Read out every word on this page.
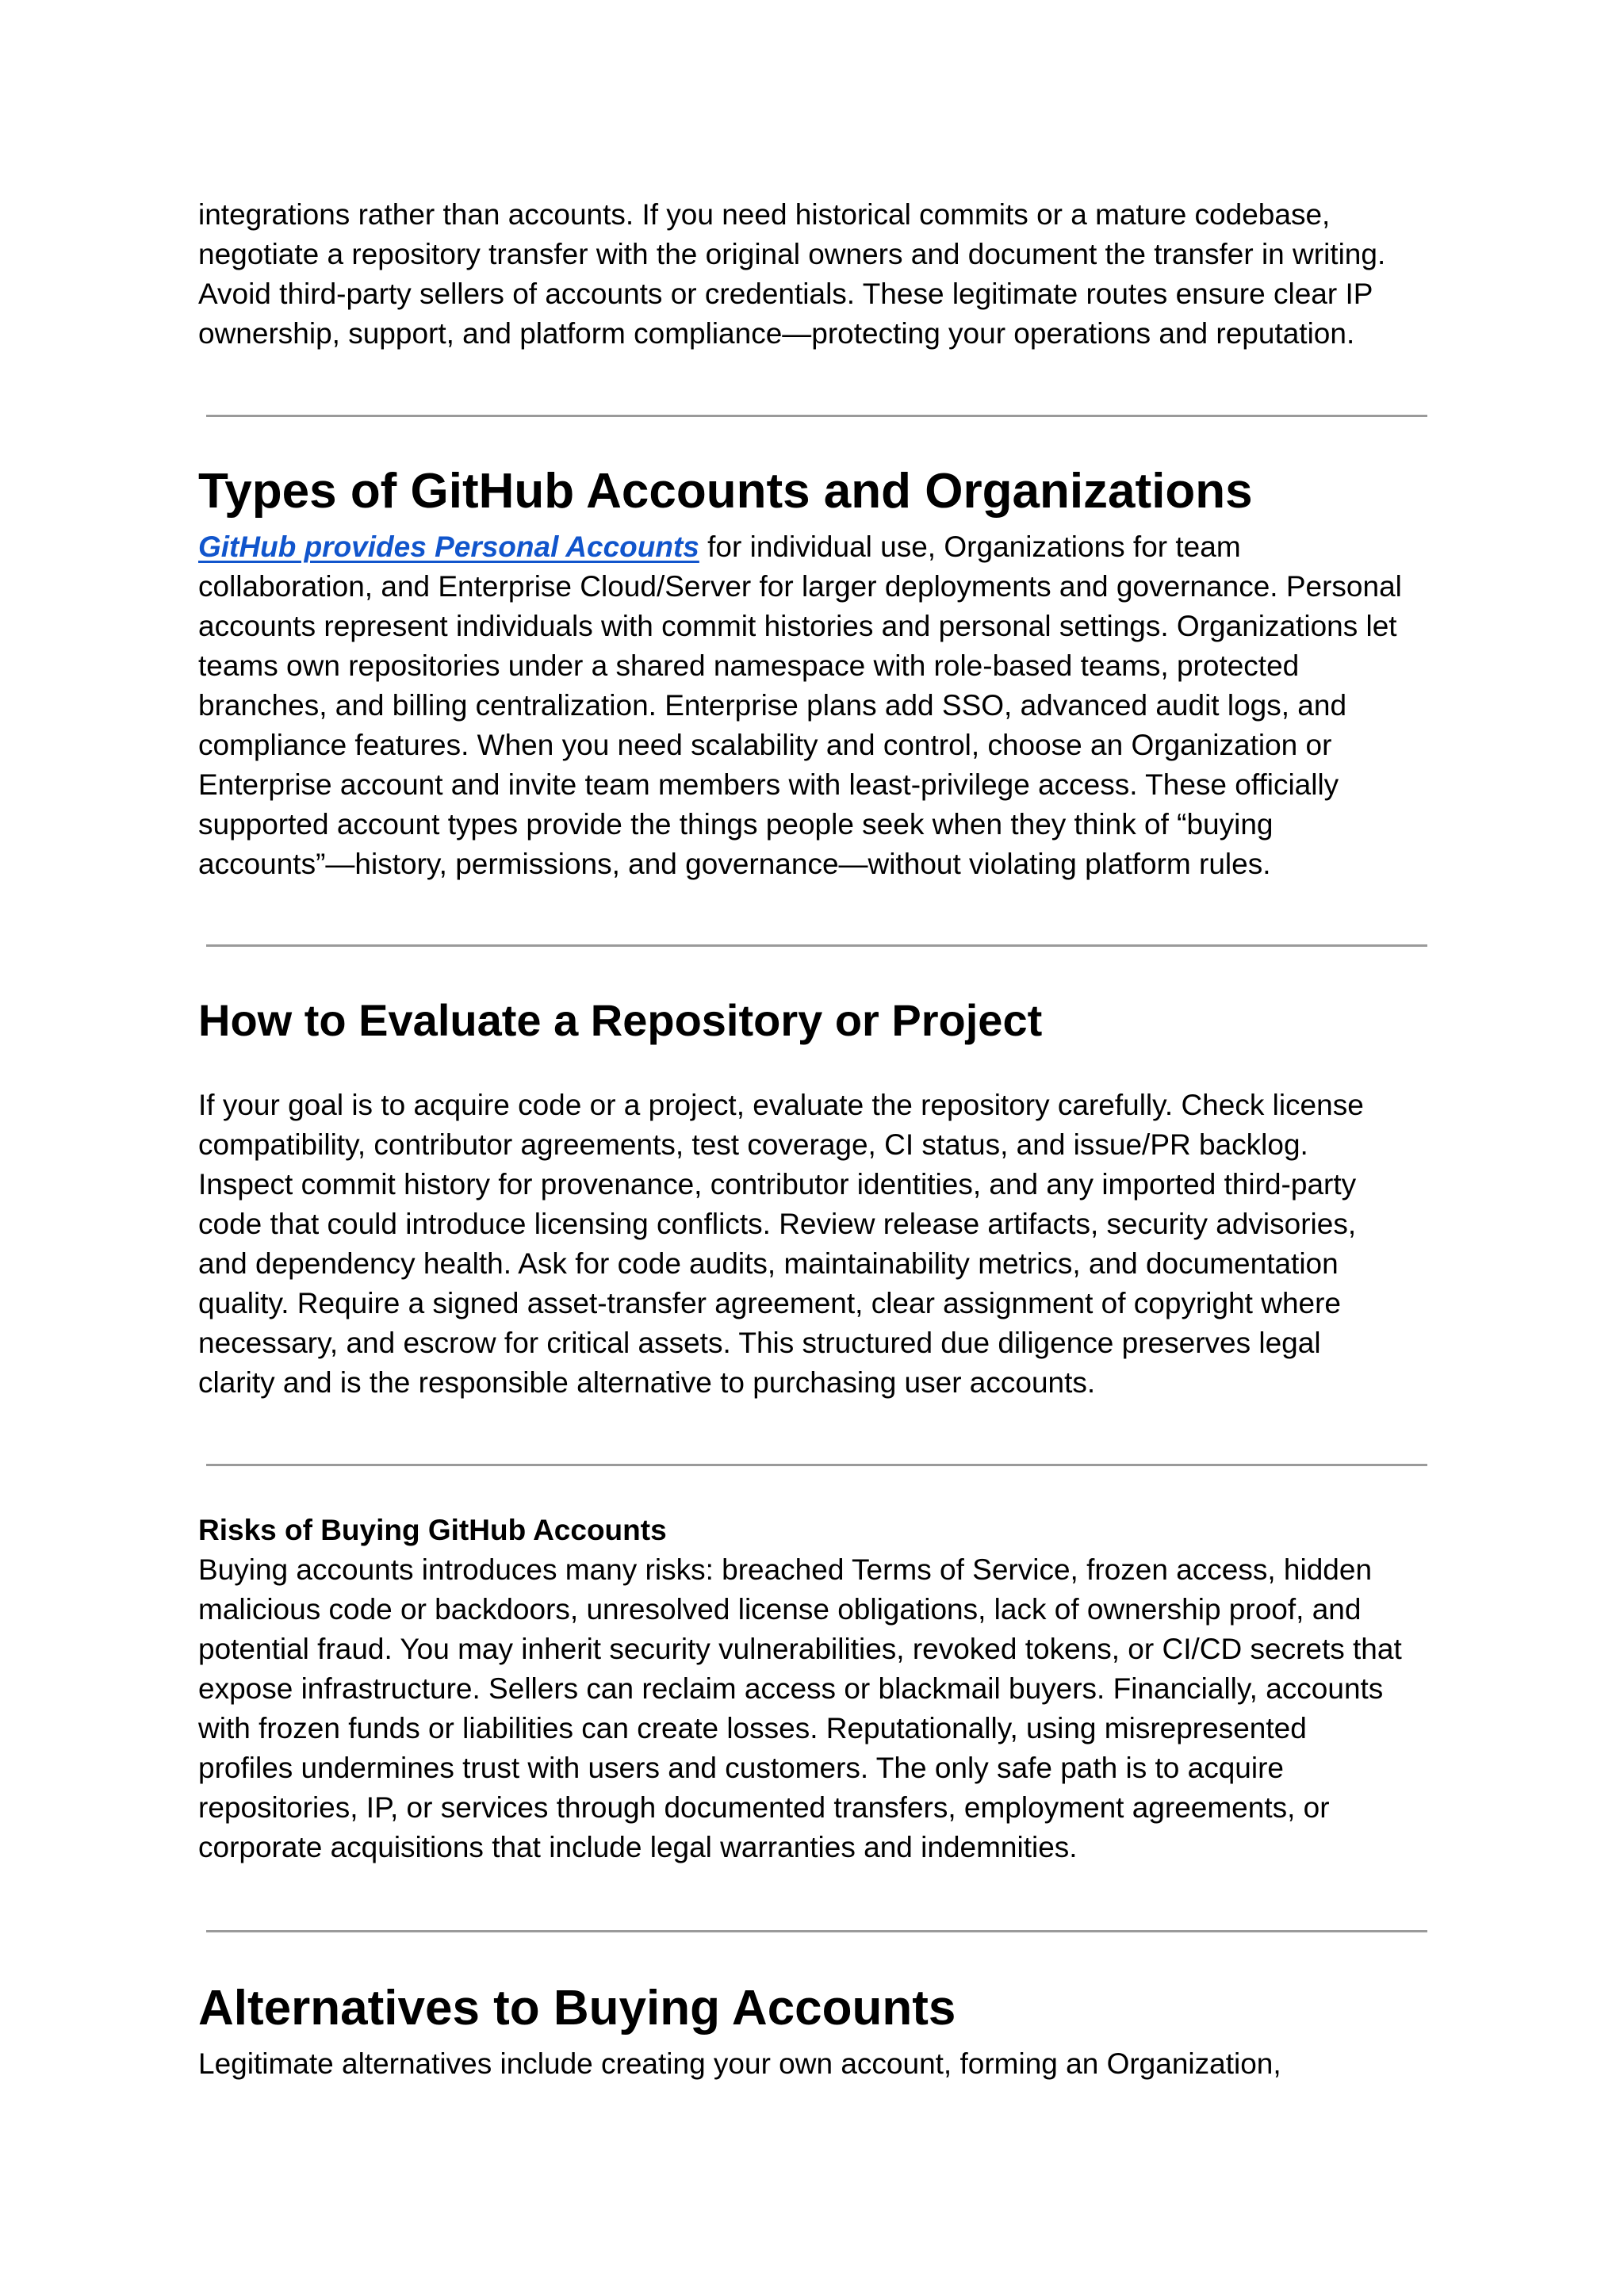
integrations rather than accounts. If you need historical commits or a mature codebase,
negotiate a repository transfer with the original owners and document the transfer in writing.
Avoid third-party sellers of accounts or credentials. These legitimate routes ensure clear IP
ownership, support, and platform compliance—protecting your operations and reputation.

Types of GitHub Accounts and Organizations
GitHub provides Personal Accounts for individual use, Organizations for team
collaboration, and Enterprise Cloud/Server for larger deployments and governance. Personal
accounts represent individuals with commit histories and personal settings. Organizations let
teams own repositories under a shared namespace with role-based teams, protected
branches, and billing centralization. Enterprise plans add SSO, advanced audit logs, and
compliance features. When you need scalability and control, choose an Organization or
Enterprise account and invite team members with least-privilege access. These officially
supported account types provide the things people seek when they think of “buying
accounts”—history, permissions, and governance—without violating platform rules.
How to Evaluate a Repository or Project

If your goal is to acquire code or a project, evaluate the repository carefully. Check license
compatibility, contributor agreements, test coverage, CI status, and issue/PR backlog.
Inspect commit history for provenance, contributor identities, and any imported third-party
code that could introduce licensing conflicts. Review release artifacts, security advisories,
and dependency health. Ask for code audits, maintainability metrics, and documentation
quality. Require a signed asset-transfer agreement, clear assignment of copyright where
necessary, and escrow for critical assets. This structured due diligence preserves legal
clarity and is the responsible alternative to purchasing user accounts.

Risks of Buying GitHub Accounts

Buying accounts introduces many risks: breached Terms of Service, frozen access, hidden
malicious code or backdoors, unresolved license obligations, lack of ownership proof, and
potential fraud. You may inherit security vulnerabilities, revoked tokens, or CI/CD secrets that
expose infrastructure. Sellers can reclaim access or blackmail buyers. Financially, accounts
with frozen funds or liabilities can create losses. Reputationally, using misrepresented
profiles undermines trust with users and customers. The only safe path is to acquire
repositories, IP, or services through documented transfers, employment agreements, or
corporate acquisitions that include legal warranties and indemnities.

Alternatives to Buying Accounts

Legitimate alternatives include creating your own account, forming an Organization,
